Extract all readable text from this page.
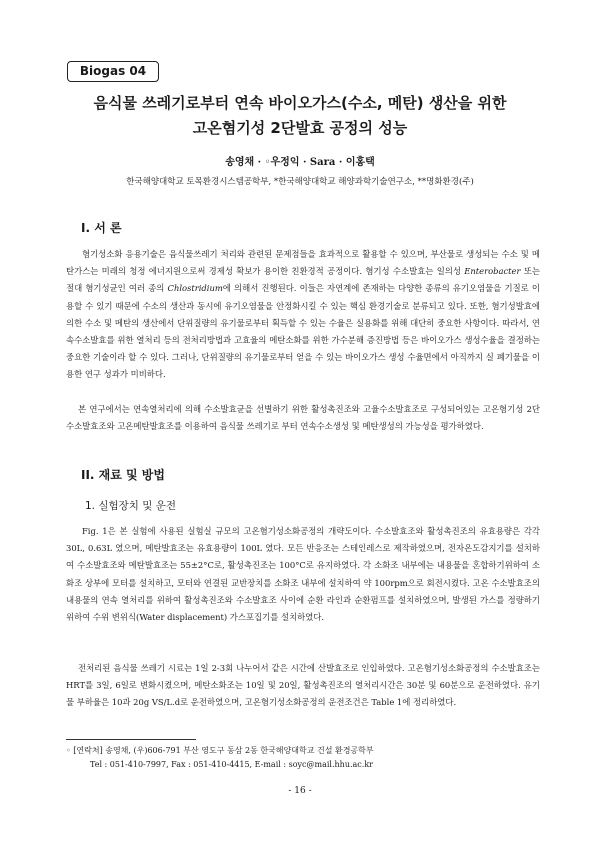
Biogas 04
음식물 쓰레기로부터 연속 바이오가스(수소, 메탄) 생산을 위한
고온혐기성 2단발효 공정의 성능
송영채 · ◦우정익 · Sara · 이홍택
한국해양대학교 토목환경시스템공학부, *한국해양대학교 해양과학기술연구소, **명화환경(주)
I. 서 론

혐기성소화 응용기술은 음식물쓰레기 처리와 관련된 문제점들을 효과적으로 활용할 수 있으며, 부산물로 생성되는 수소 및 메탄가스는 미래의 청정 에너지원으로써 경제성 확보가 용이한 친환경적 공정이다. 혐기성 수소발효는 일의성 Enterobacter 또는 절대 혐기성균인 여러 종의 Chlostridium에 의해서 진행된다. 이들은 자연계에 존재하는 다양한 종류의 유기오염물을 기질로 이용할 수 있기 때문에 수소의 생산과 동시에 유기오염물을 안정화시킬 수 있는 핵심 환경기술로 분류되고 있다. 또한, 혐기성발효에 의한 수소 및 메탄의 생산에서 단위질량의 유기물로부터 획득할 수 있는 수율은 실용화를 위해 대단히 중요한 사항이다. 따라서, 연속수소발효를 위한 열처리 등의 전처리방법과 고효율의 메탄소화를 위한 가수분해 증진방법 등은 바이오가스 생성수율을 결정하는 중요한 기술이라 할 수 있다. 그러나, 단위질량의 유기물로부터 얻을 수 있는 바이오가스 생성 수율면에서 아직까지 실 폐기물을 이용한 연구 성과가 미비하다.

본 연구에서는 연속열처리에 의해 수소발효균을 선별하기 위한 활성촉진조와 고율수소발효조로 구성되어있는 고온혐기성 2단 수소발효조와 고온메탄발효조를 이용하여 음식물 쓰레기로 부터 연속수소생성 및 메탄생성의 가능성을 평가하였다.

II. 재료 및 방법
1. 실험장치 및 운전

Fig. 1은 본 실험에 사용된 실험실 규모의 고온혐기성소화공정의 개략도이다. 수소발효조와 활성촉진조의 유효용량은 각각 30L, 0.63L 였으며, 메탄발효조는 유효용량이 100L 였다. 모든 반응조는 스테인레스로 제작하였으며, 전자온도감지기를 설치하여 수소발효조와 메탄발효조는 55±2°C로, 활성촉진조는 100°C로 유지하였다. 각 소화조 내부에는 내용물을 혼합하기위하여 소화조 상부에 모터를 설치하고, 모터와 연결된 교반장치를 소화조 내부에 설치하여 약 100rpm으로 회전시켰다. 고온 수소발효조의 내용물의 연속 열처리를 위하여 활성촉진조와 수소발효조 사이에 순환 라인과 순환펌프를 설치하였으며, 발생된 가스를 정량하기 위하여 수위 변위식(Water displacement) 가스포집기를 설치하였다.

전처리된 음식물 쓰레기 시료는 1일 2-3회 나누어서 같은 시간에 산발효조로 인입하였다. 고온혐기성소화공정의 수소발효조는 HRT를 3일, 6일로 변화시켰으며, 메탄소화조는 10일 및 20일, 활성촉진조의 열처리시간은 30분 및 60분으로 운전하였다. 유기물 부하율은 10과 20g VS/L.d로 운전하였으며, 고온혐기성소화공정의 운전조건은 Table 1에 정리하였다.

◦ [연락처] 송영채, (우)606-791 부산 영도구 동삼 2동 한국해양대학교 건설 환경공학부
Tel : 051-410-7997, Fax : 051-410-4415, E-mail : soyc@mail.hhu.ac.kr
- 16 -
